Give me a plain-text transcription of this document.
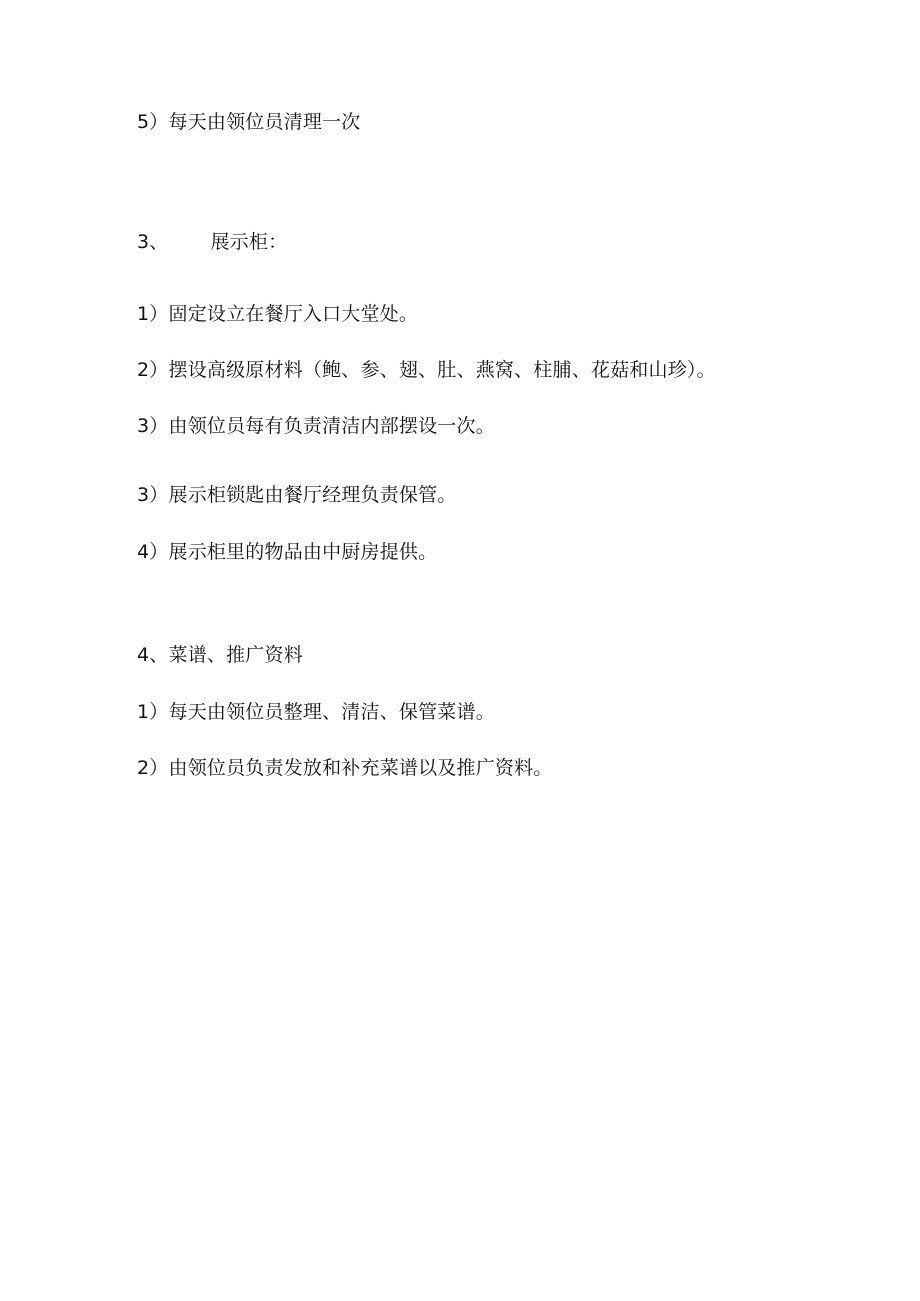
5）每天由领位员清理一次
3、 展示柜：
1）固定设立在餐厅入口大堂处。
2）摆设高级原材料（鲍、参、翅、肚、燕窝、柱脯、花菇和山珍）。
3）由领位员每有负责清洁内部摆设一次。
3）展示柜锁匙由餐厅经理负责保管。
4）展示柜里的物品由中厨房提供。
4、菜谱、推广资料
1）每天由领位员整理、清洁、保管菜谱。
2）由领位员负责发放和补充菜谱以及推广资料。
